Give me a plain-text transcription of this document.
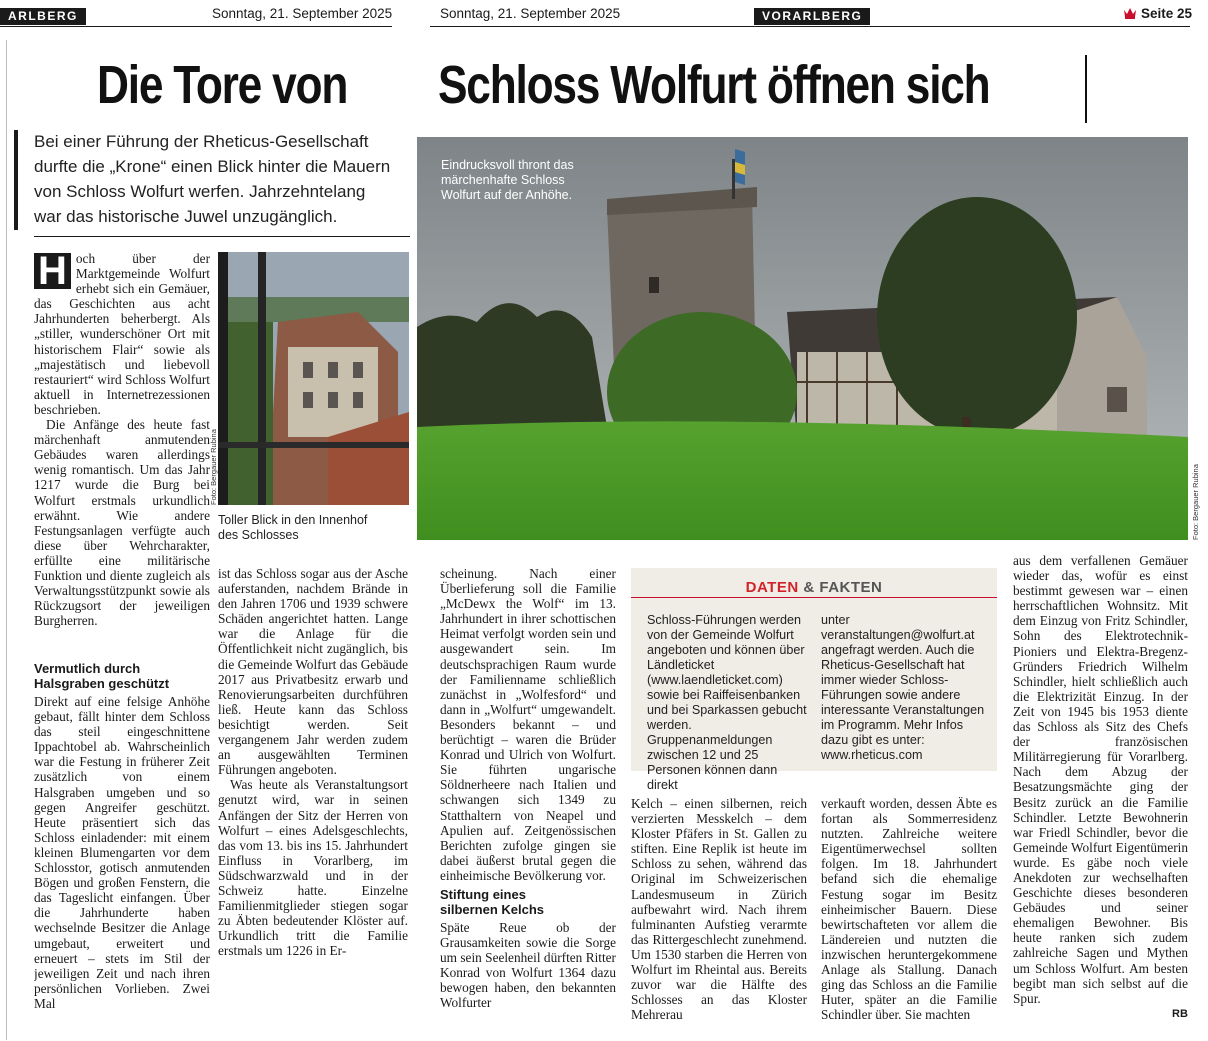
ARLBERG	Sonntag, 21. September 2025	Sonntag, 21. September 2025	VORARLBERG	Seite 25
Die Tore von Schloss Wolfurt öffnen sich
Bei einer Führung der Rheticus-Gesellschaft
durfte die „Krone“ einen Blick hinter die Mauern
von Schloss Wolfurt werfen. Jahrzehntelang
war das historische Juwel unzugänglich.
Eindrucksvoll thront das
märchenhafte Schloss
Wolfurt auf der Anhöhe.
Foto: Bergauer Rubina
Foto: Bergauer Rubina
Toller Blick in den Innenhof
des Schlosses
H och über der Marktgemeinde Wolfurt erhebt sich ein Gemäuer, das Geschichten aus acht Jahrhunderten beherbergt. Als „stiller, wunderschöner Ort mit historischem Flair“ sowie als „majestätisch und liebevoll restauriert“ wird Schloss Wolfurt aktuell in Internetrezessionen beschrieben.

Die Anfänge des heute fast märchenhaft anmutenden Gebäudes waren allerdings wenig romantisch. Um das Jahr 1217 wurde die Burg bei Wolfurt erstmals urkundlich erwähnt. Wie andere Festungsanlagen verfügte auch diese über Wehrcharakter, erfüllte eine militärische Funktion und diente zugleich als Verwaltungsstützpunkt sowie als Rückzugsort der jeweiligen Burgherren.

Vermutlich durch
Halsgraben geschützt

Direkt auf eine felsige Anhöhe gebaut, fällt hinter dem Schloss das steil eingeschnittene Ippachtobel ab. Wahrscheinlich war die Festung in früherer Zeit zusätzlich von einem Halsgraben umgeben und so gegen Angreifer geschützt. Heute präsentiert sich das Schloss einladender: mit einem kleinen Blumengarten vor dem Schlosstor, gotisch anmutenden Bögen und großen Fenstern, die das Tageslicht einfangen. Über die Jahrhunderte haben wechselnde Besitzer die Anlage umgebaut, erweitert und erneuert – stets im Stil der jeweiligen Zeit und nach ihren persönlichen Vorlieben. Zwei Mal

ist das Schloss sogar aus der Asche auferstanden, nachdem Brände in den Jahren 1706 und 1939 schwere Schäden angerichtet hatten. Lange war die Anlage für die Öffentlichkeit nicht zugänglich, bis die Gemeinde Wolfurt das Gebäude 2017 aus Privatbesitz erwarb und Renovierungsarbeiten durchführen ließ. Heute kann das Schloss besichtigt werden. Seit vergangenem Jahr werden zudem an ausgewählten Terminen Führungen angeboten.

Was heute als Veranstaltungsort genutzt wird, war in seinen Anfängen der Sitz der Herren von Wolfurt – eines Adelsgeschlechts, das vom 13. bis ins 15. Jahrhundert Einfluss in Vorarlberg, im Südschwarzwald und in der Schweiz hatte. Einzelne Familienmitglieder stiegen sogar zu Äbten bedeutender Klöster auf. Urkundlich tritt die Familie erstmals um 1226 in Er-

scheinung. Nach einer Überlieferung soll die Familie „McDewx the Wolf“ im 13. Jahrhundert in ihrer schottischen Heimat verfolgt worden sein und ausgewandert sein. Im deutschsprachigen Raum wurde der Familienname schließlich zunächst in „Wolfesford“ und dann in „Wolfurt“ umgewandelt. Besonders bekannt – und berüchtigt – waren die Brüder Konrad und Ulrich von Wolfurt. Sie führten ungarische Söldnerheere nach Italien und schwangen sich 1349 zu Statthaltern von Neapel und Apulien auf. Zeitgenössischen Berichten zufolge gingen sie dabei äußerst brutal gegen die einheimische Bevölkerung vor.

Stiftung eines
silbernen Kelchs

Späte Reue ob der Grausamkeiten sowie die Sorge um sein Seelenheil dürften Ritter Konrad von Wolfurt 1364 dazu bewogen haben, den bekannten Wolfurter

DATEN & FAKTEN
Schloss-Führungen werden von der Gemeinde Wolfurt angeboten und können über Ländleticket (www.laendleticket.com) sowie bei Raiffeisenbanken und bei Sparkassen gebucht werden. Gruppenanmeldungen zwischen 12 und 25 Personen können dann direkt
unter veranstaltungen@wolfurt.at angefragt werden. Auch die Rheticus-Gesellschaft hat immer wieder Schloss-Führungen sowie andere interessante Veranstaltungen im Programm. Mehr Infos dazu gibt es unter: www.rheticus.com

Kelch – einen silbernen, reich verzierten Messkelch – dem Kloster Pfäfers in St. Gallen zu stiften. Eine Replik ist heute im Schloss zu sehen, während das Original im Schweizerischen Landesmuseum in Zürich aufbewahrt wird. Nach ihrem fulminanten Aufstieg verarmte das Rittergeschlecht zunehmend. Um 1530 starben die Herren von Wolfurt im Rheintal aus. Bereits zuvor war die Hälfte des Schlosses an das Kloster Mehrerau

verkauft worden, dessen Äbte es fortan als Sommerresidenz nutzten. Zahlreiche weitere Eigentümerwechsel sollten folgen. Im 18. Jahrhundert befand sich die ehemalige Festung sogar im Besitz einheimischer Bauern. Diese bewirtschafteten vor allem die Ländereien und nutzten die inzwischen heruntergekommene Anlage als Stallung. Danach ging das Schloss an die Familie Huter, später an die Familie Schindler über. Sie machten

aus dem verfallenen Gemäuer wieder das, wofür es einst bestimmt gewesen war – einen herrschaftlichen Wohnsitz. Mit dem Einzug von Fritz Schindler, Sohn des Elektrotechnik-Pioniers und Elektra-Bregenz-Gründers Friedrich Wilhelm Schindler, hielt schließlich auch die Elektrizität Einzug. In der Zeit von 1945 bis 1953 diente das Schloss als Sitz des Chefs der französischen Militärregierung für Vorarlberg. Nach dem Abzug der Besatzungsmächte ging der Besitz zurück an die Familie Schindler. Letzte Bewohnerin war Friedl Schindler, bevor die Gemeinde Wolfurt Eigentümerin wurde. Es gäbe noch viele Anekdoten zur wechselhaften Geschichte dieses besonderen Gebäudes und seiner ehemaligen Bewohner. Bis heute ranken sich zudem zahlreiche Sagen und Mythen um Schloss Wolfurt. Am besten begibt man sich selbst auf die Spur.

RB
